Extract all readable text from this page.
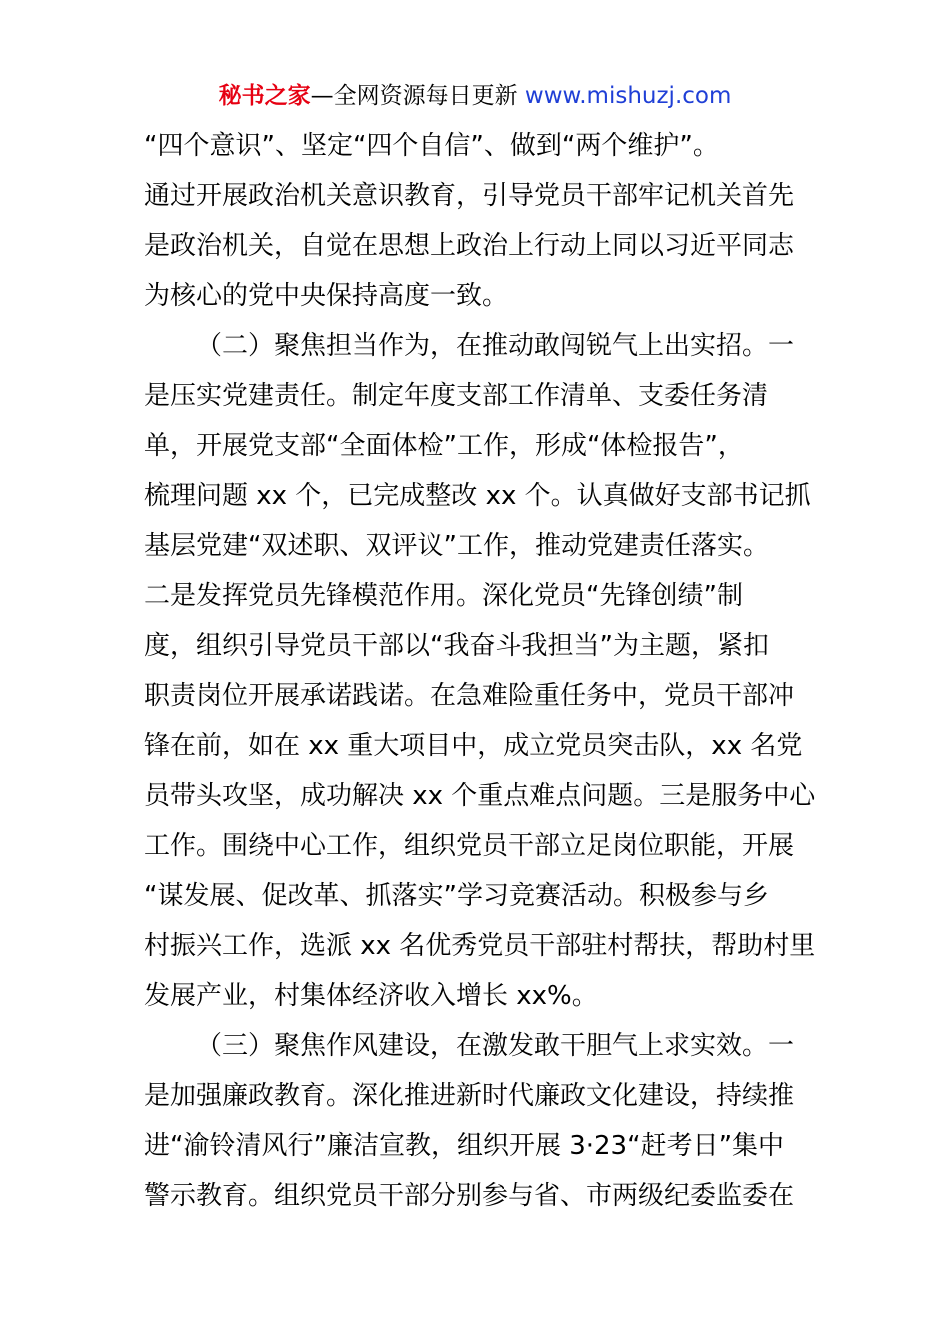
秘书之家—全网资源每日更新 www.mishuzj.com
“四个意识”、坚定“四个自信”、做到“两个维护”。
通过开展政治机关意识教育，引导党员干部牢记机关首先
是政治机关，自觉在思想上政治上行动上同以习近平同志
为核心的党中央保持高度一致。
（二）聚焦担当作为，在推动敢闯锐气上出实招。一
是压实党建责任。制定年度支部工作清单、支委任务清
单，开展党支部“全面体检”工作，形成“体检报告”，
梳理问题 xx 个，已完成整改 xx 个。认真做好支部书记抓
基层党建“双述职、双评议”工作，推动党建责任落实。
二是发挥党员先锋模范作用。深化党员“先锋创绩”制
度，组织引导党员干部以“我奋斗我担当”为主题，紧扣
职责岗位开展承诺践诺。在急难险重任务中，党员干部冲
锋在前，如在 xx 重大项目中，成立党员突击队，xx 名党
员带头攻坚，成功解决 xx 个重点难点问题。三是服务中心
工作。围绕中心工作，组织党员干部立足岗位职能，开展
“谋发展、促改革、抓落实”学习竞赛活动。积极参与乡
村振兴工作，选派 xx 名优秀党员干部驻村帮扶，帮助村里
发展产业，村集体经济收入增长 xx%。
（三）聚焦作风建设，在激发敢干胆气上求实效。一
是加强廉政教育。深化推进新时代廉政文化建设，持续推
进“渝铃清风行”廉洁宣教，组织开展 3·23“赶考日”集中
警示教育。组织党员干部分别参与省、市两级纪委监委在
